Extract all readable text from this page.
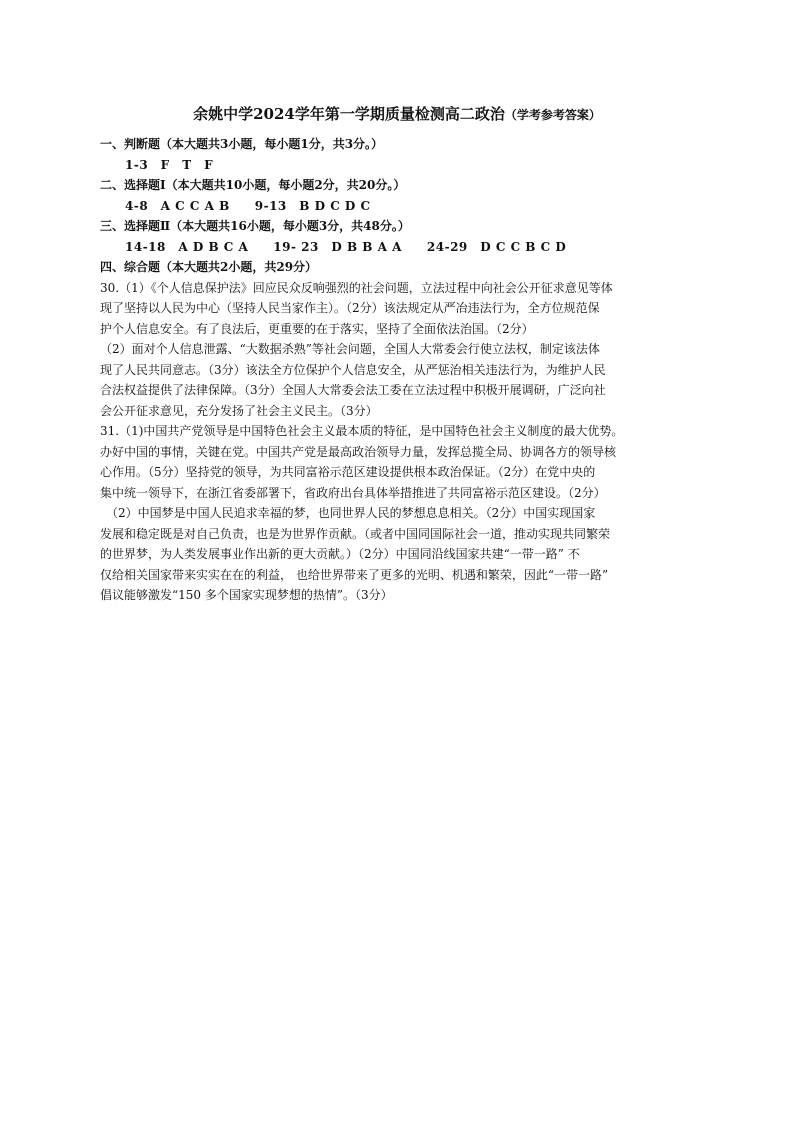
余姚中学2024学年第一学期质量检测高二政治（学考参考答案）
一、判断题（本大题共3小题，每小题1分，共3分。）
1-3　F　T　F
二、选择题Ⅰ（本大题共10小题，每小题2分，共20分。）
4-8　A C C A B　　9-13　B D C D C
三、选择题Ⅱ（本大题共16小题，每小题3分，共48分。）
14-18　A D B C A　　19- 23　D B B A A　　24-29　D C C B C D
四、综合题（本大题共2小题，共29分）
30.（1）《个人信息保护法》回应民众反响强烈的社会问题，立法过程中向社会公开征求意见等体
现了坚持以人民为中心（坚持人民当家作主）。（2分）该法规定从严冶违法行为，全方位规范保
护个人信息安全。有了良法后，更重要的在于落实，坚持了全面依法治国。（2分）
（2）面对个人信息泄露、“大数据杀熟”等社会问题，全国人大常委会行使立法权，制定该法体
现了人民共同意志。（3分）该法全方位保护个人信息安全，从严惩治相关违法行为，为维护人民
合法权益提供了法律保障。（3分）全国人大常委会法工委在立法过程中积极开展调研，广泛向社
会公开征求意见，充分发扬了社会主义民主。（3分）
31.（1)中国共产党领导是中国特色社会主义最本质的特征，是中国特色社会主义制度的最大优势。
办好中国的事情，关键在党。中国共产党是最高政治领导力量，发挥总揽全局、协调各方的领导核
心作用。（5分）坚持党的领导，为共同富裕示范区建设提供根本政治保证。（2分）在党中央的
集中统一领导下，在浙江省委部署下，省政府出台具体举措推进了共同富裕示范区建设。（2分）
　（2）中国梦是中国人民追求幸福的梦，也同世界人民的梦想息息相关。（2分）中国实现国家
发展和稳定既是对自己负责，也是为世界作贡献。（或者中国同国际社会一道，推动实现共同繁荣
的世界梦，为人类发展事业作出新的更大贡献。）（2分）中国同沿线国家共建“一带一路” 不
仅给相关国家带来实实在在的利益， 也给世界带来了更多的光明、机遇和繁荣，因此“一带一路”
倡议能够激发“150 多个国家实现梦想的热情”。（3分）
